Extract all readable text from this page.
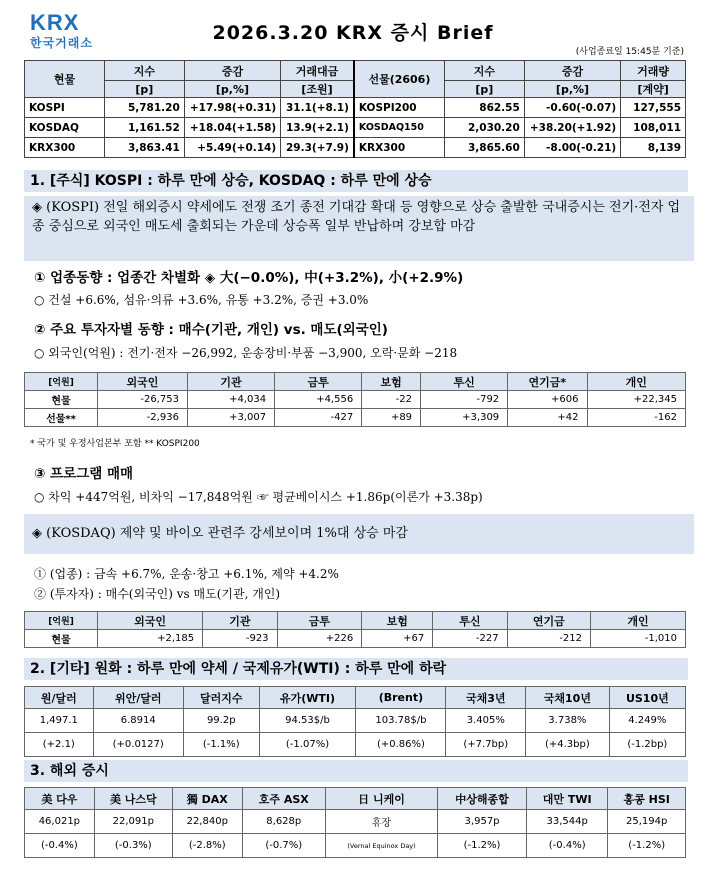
KRX
한국거래소	2026.3.20 KRX 증시 Brief
(사업종료일 15:45분 기준)
현물	지수	증감	거래대금	선물(2606)	지수	증감	거래량
	[p]	[p,%]	[조원]		[p]	[p,%]	[계약]
KOSPI	5,781.20	+17.98(+0.31)	31.1(+8.1)	KOSPI200	862.55	-0.60(-0.07)	127,555
KOSDAQ	1,161.52	+18.04(+1.58)	13.9(+2.1)	KOSDAQ150	2,030.20	+38.20(+1.92)	108,011
KRX300	3,863.41	+5.49(+0.14)	29.3(+7.9)	KRX300	3,865.60	-8.00(-0.21)	8,139
1. [주식] KOSPI : 하루 만에 상승, KOSDAQ : 하루 만에 상승
◈ (KOSPI) 전일 해외증시 약세에도 전쟁 조기 종전 기대감 확대 등 영향으로 상승 출발한 국내증시는 전기·전자 업종 중심으로 외국인 매도세 출회되는 가운데 상승폭 일부 반납하며 강보합 마감
① 업종동향 : 업종간 차별화 ◈ 大(−0.0%), 中(+3.2%), 小(+2.9%)
○ 건설 +6.6%, 섬유·의류 +3.6%, 유통 +3.2%, 증권 +3.0%
② 주요 투자자별 동향 : 매수(기관, 개인) vs. 매도(외국인)
○ 외국인(억원) : 전기·전자 −26,992, 운송장비·부품 −3,900, 오락·문화 −218
[억원]	외국인	기관	금투	보험	투신	연기금*	개인
현물	-26,753	+4,034	+4,556	-22	-792	+606	+22,345
선물**	-2,936	+3,007	-427	+89	+3,309	+42	-162
* 국가 및 우정사업본부 포함 ** KOSPI200
③ 프로그램 매매
○ 차익 +447억원, 비차익 −17,848억원 ☞ 평균베이시스 +1.86p(이론가 +3.38p)
◈ (KOSDAQ) 제약 및 바이오 관련주 강세보이며 1%대 상승 마감
① (업종) : 금속 +6.7%, 운송·창고 +6.1%, 제약 +4.2%
② (투자자) : 매수(외국인) vs 매도(기관, 개인)
[억원]	외국인	기관	금투	보험	투신	연기금	개인
현물	+2,185	-923	+226	+67	-227	-212	-1,010
2. [기타] 원화 : 하루 만에 약세 / 국제유가(WTI) : 하루 만에 하락
원/달러	위안/달러	달러지수	유가(WTI)	(Brent)	국채3년	국채10년	US10년
1,497.1	6.8914	99.2p	94.53$/b	103.78$/b	3.405%	3.738%	4.249%
(+2.1)	(+0.0127)	(-1.1%)	(-1.07%)	(+0.86%)	(+7.7bp)	(+4.3bp)	(-1.2bp)
3. 해외 증시
美 다우	美 나스닥	獨 DAX	호주 ASX	日 니케이	中상해종합	대만 TWI	홍콩 HSI
46,021p	22,091p	22,840p	8,628p	휴장	3,957p	33,544p	25,194p
(-0.4%)	(-0.3%)	(-2.8%)	(-0.7%)	(Vernal Equinox Day)	(-1.2%)	(-0.4%)	(-1.2%)
